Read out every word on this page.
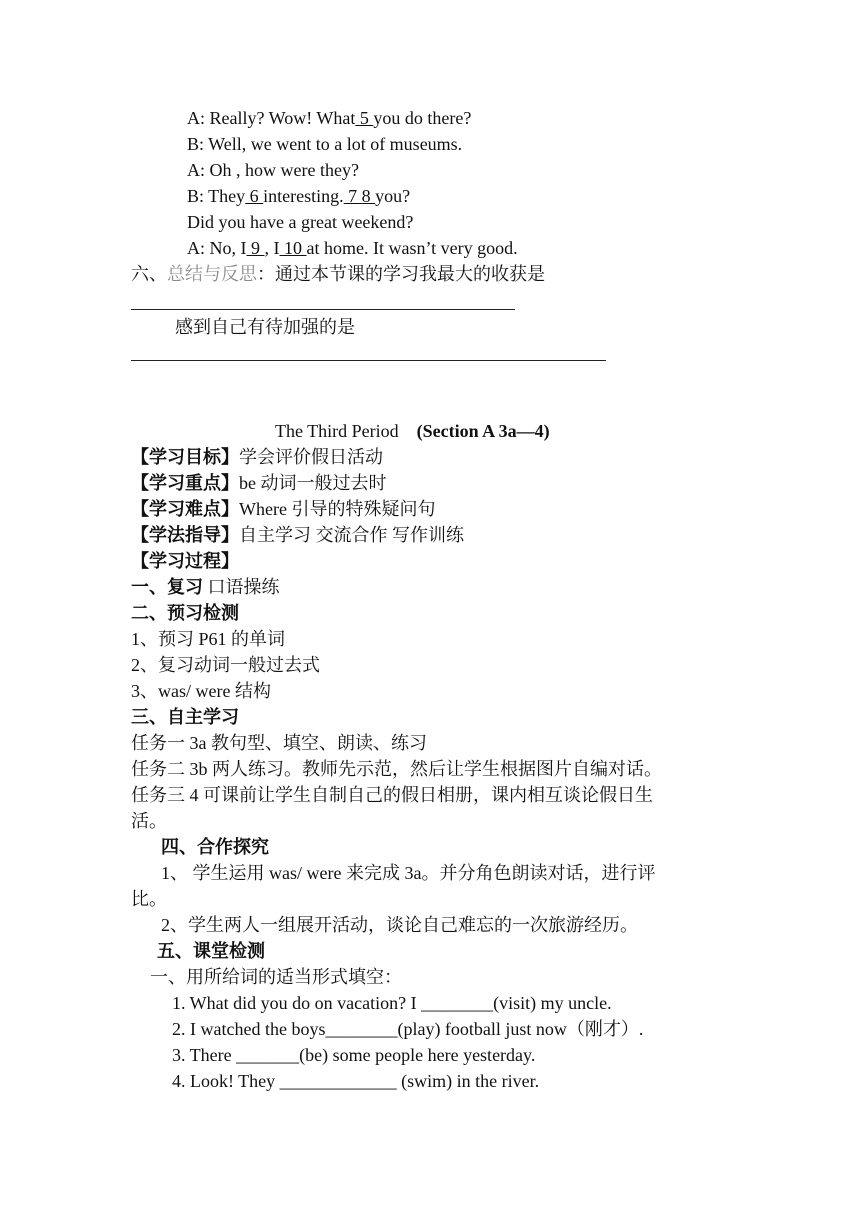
A: Really? Wow! What 5 you do there?
B: Well, we went to a lot of museums.
A: Oh , how were they?
B: They 6 interesting. 7 8 you?
Did you have a great weekend?
A: No, I 9 , I 10 at home. It wasn’t very good.
六、总结与反思：通过本节课的学习我最大的收获是
感到自己有待加强的是
The Third Period (Section A 3a—4)
【学习目标】学会评价假日活动
【学习重点】be 动词一般过去时
【学习难点】Where 引导的特殊疑问句
【学法指导】自主学习 交流合作 写作训练
【学习过程】
一、复习 口语操练
二、预习检测
1、预习 P61 的单词
2、复习动词一般过去式
3、was/ were 结构
三、自主学习
任务一 3a 教句型、填空、朗读、练习
任务二 3b 两人练习。教师先示范，然后让学生根据图片自编对话。
任务三 4 可课前让学生自制自己的假日相册，课内相互谈论假日生
活。
四、合作探究
1、 学生运用 was/ were 来完成 3a。并分角色朗读对话，进行评
比。
2、学生两人一组展开活动，谈论自己难忘的一次旅游经历。
五、课堂检测
一、用所给词的适当形式填空：
1. What did you do on vacation? I ________(visit) my uncle.
2. I watched the boys________(play) football just now（刚才）.
3. There _______(be) some people here yesterday.
4. Look! They _____________ (swim) in the river.
